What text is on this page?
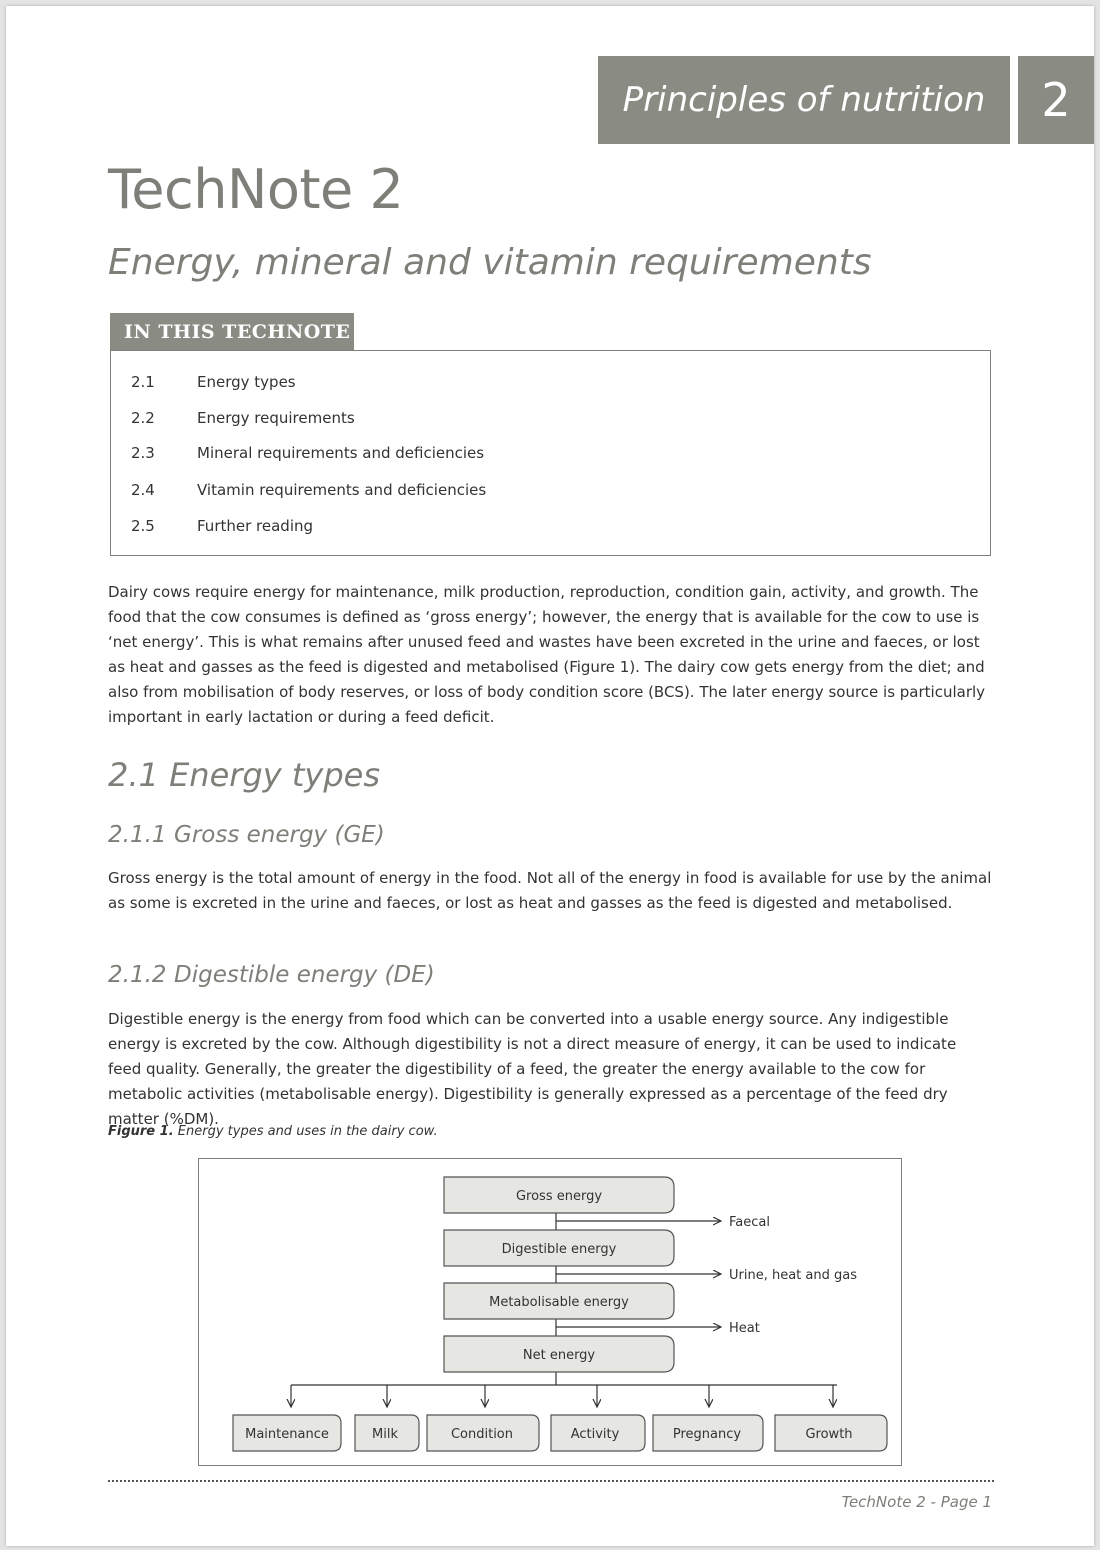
Principles of nutrition	2
TechNote 2
Energy, mineral and vitamin requirements
IN THIS TECHNOTE
2.1	Energy types
2.2	Energy requirements
2.3	Mineral requirements and deficiencies
2.4	Vitamin requirements and deficiencies
2.5	Further reading

Dairy cows require energy for maintenance, milk production, reproduction, condition gain, activity, and growth. The food that the cow consumes is defined as ‘gross energy’; however, the energy that is available for the cow to use is ‘net energy’. This is what remains after unused feed and wastes have been excreted in the urine and faeces, or lost as heat and gasses as the feed is digested and metabolised (Figure 1). The dairy cow gets energy from the diet; and also from mobilisation of body reserves, or loss of body condition score (BCS). The later energy source is particularly important in early lactation or during a feed deficit.

2.1 Energy types
2.1.1 Gross energy (GE)

Gross energy is the total amount of energy in the food. Not all of the energy in food is available for use by the animal as some is excreted in the urine and faeces, or lost as heat and gasses as the feed is digested and metabolised.

2.1.2 Digestible energy (DE)

Digestible energy is the energy from food which can be converted into a usable energy source. Any indigestible energy is excreted by the cow. Although digestibility is not a direct measure of energy, it can be used to indicate feed quality. Generally, the greater the digestibility of a feed, the greater the energy available to the cow for metabolic activities (metabolisable energy). Digestibility is generally expressed as a percentage of the feed dry matter (%DM).

Figure 1. Energy types and uses in the dairy cow.
Gross energy
Digestible energy
Metabolisable energy
Net energy
Faecal
Urine, heat and gas
Heat
Maintenance	Milk	Condition	Activity	Pregnancy	Growth
TechNote 2 - Page 1
